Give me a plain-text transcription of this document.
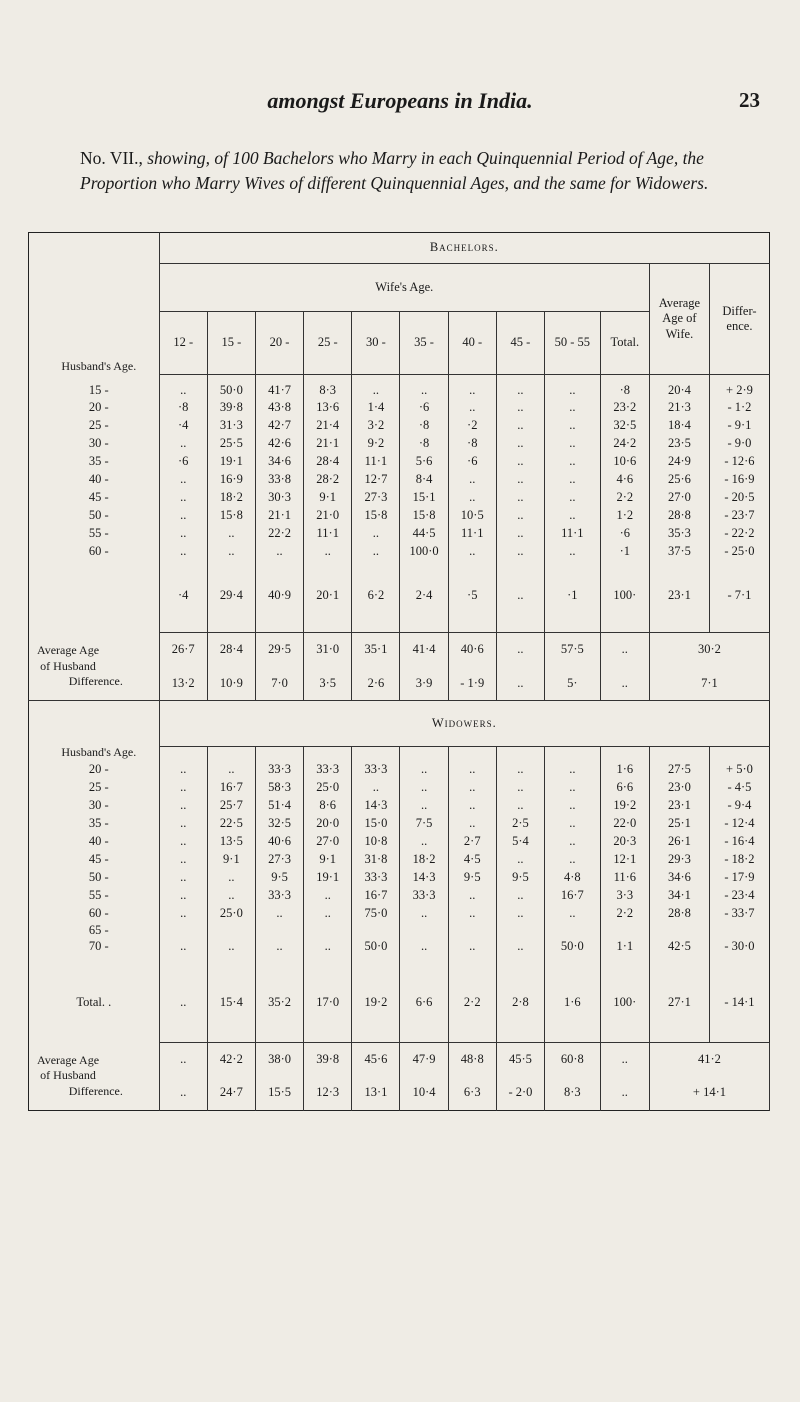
amongst Europeans in India.	23
No. VII., showing, of 100 Bachelors who Marry in each Quinquennial Period of Age, the Proportion who Marry Wives of different Quinquennial Ages, and the same for Widowers.
	Bachelors.											
Husband's Age.	Wife's Age.										Average Age of Wife.	Differ-ence.
	12 -	15 -	20 -	25 -	30 -	35 -	40 -	45 -	50 - 55	Total.		
15 -	..	50·0	41·7	8·3	..	..	..	..	..	·8	20·4	+ 2·9
20 -	·8	39·8	43·8	13·6	1·4	·6	..	..	..	23·2	21·3	- 1·2
25 -	·4	31·3	42·7	21·4	3·2	·8	·2	..	..	32·5	18·4	- 9·1
30 -	..	25·5	42·6	21·1	9·2	·8	·8	..	..	24·2	23·5	- 9·0
35 -	·6	19·1	34·6	28·4	11·1	5·6	·6	..	..	10·6	24·9	- 12·6
40 -	..	16·9	33·8	28·2	12·7	8·4	..	..	..	4·6	25·6	- 16·9
45 -	..	18·2	30·3	9·1	27·3	15·1	..	..	..	2·2	27·0	- 20·5
50 -	..	15·8	21·1	21·0	15·8	15·8	10·5	..	..	1·2	28·8	- 23·7
55 -	..	..	22·2	11·1	..	44·5	11·1	..	11·1	·6	35·3	- 22·2
60 -	..	..	..	..	..	100·0	..	..	..	·1	37·5	- 25·0

	·4	29·4	40·9	20·1	6·2	2·4	·5	..	·1	100·	23·1	- 7·1

Average Age of Husband
Difference.	26·7	28·4	29·5	31·0	35·1	41·4	40·6	..	57·5	..	30·2	
	13·2	10·9	7·0	3·5	2·6	3·9	- 1·9	..	5·	..	7·1	
Husband's Age.	Widowers.											

20 -	..	..	33·3	33·3	33·3	..	..	..	..	1·6	27·5	+ 5·0
25 -	..	16·7	58·3	25·0	..	..	..	..	..	6·6	23·0	- 4·5
30 -	..	25·7	51·4	8·6	14·3	..	..	..	..	19·2	23·1	- 9·4
35 -	..	22·5	32·5	20·0	15·0	7·5	..	2·5	..	22·0	25·1	- 12·4
40 -	..	13·5	40·6	27·0	10·8	..	2·7	5·4	..	20·3	26·1	- 16·4
45 -	..	9·1	27·3	9·1	31·8	18·2	4·5	..	..	12·1	29·3	- 18·2
50 -	..	..	9·5	19·1	33·3	14·3	9·5	9·5	4·8	11·6	34·6	- 17·9
55 -	..	..	33·3	..	16·7	33·3	..	..	16·7	3·3	34·1	- 23·4
60 -	..	25·0	..	..	75·0	..	..	..	..	2·2	28·8	- 33·7
65 -												
70 -	..	..	..	..	50·0	..	..	..	50·0	1·1	42·5	- 30·0

Total. .	..	15·4	35·2	17·0	19·2	6·6	2·2	2·8	1·6	100·	27·1	- 14·1

Average Age of Husband
Difference.	..	42·2	38·0	39·8	45·6	47·9	48·8	45·5	60·8	..	41·2	
	..	24·7	15·5	12·3	13·1	10·4	6·3	- 2·0	8·3	..	+ 14·1	
